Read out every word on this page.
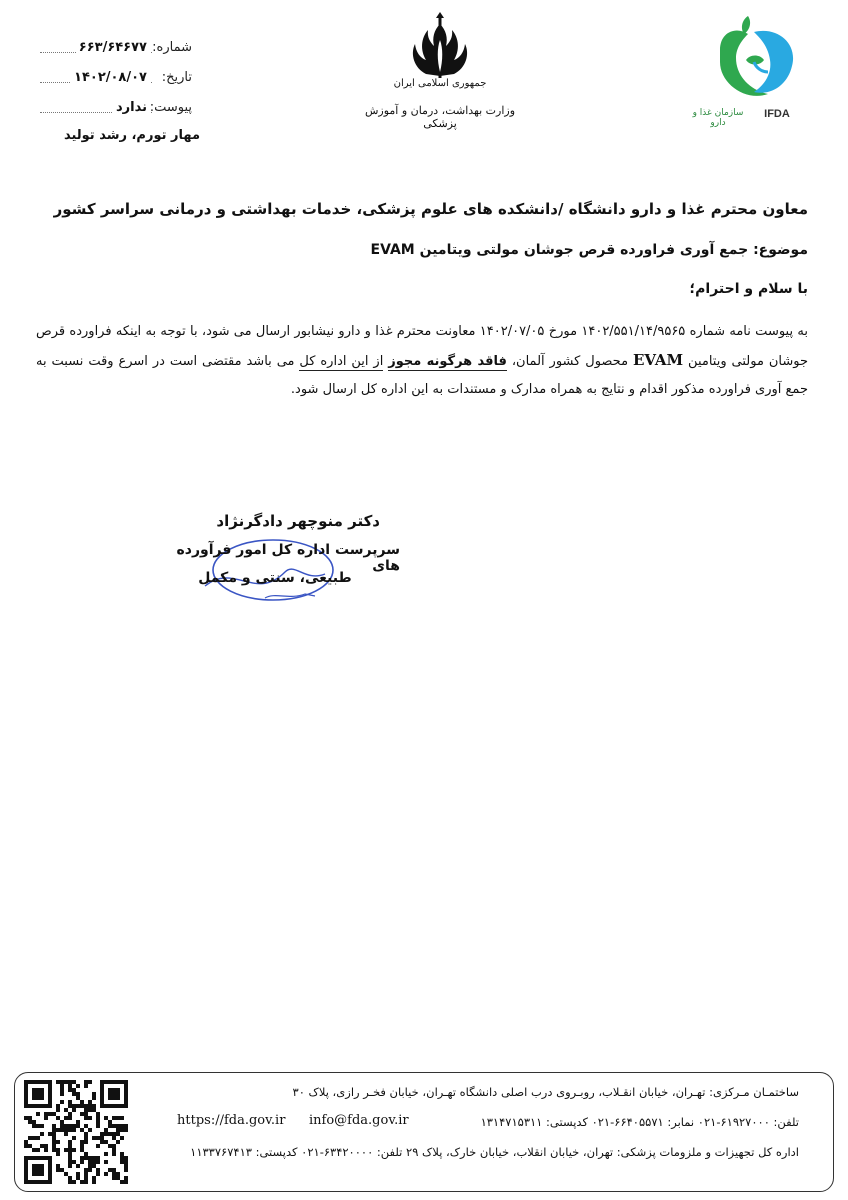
شماره:
۶۶۳/۶۴۶۷۷
تاریخ:
۱۴۰۲/۰۸/۰۷
پیوست:
ندارد
مهار تورم، رشد تولید
جمهوری اسلامی ایران
وزارت بهداشت، درمان و آموزش پزشکی
سازمان غذا و دارو
IFDA
معاون محترم غذا و دارو دانشگاه /دانشکده های علوم پزشکی، خدمات بهداشتی و درمانی سراسر کشور
موضوع: جمع آوری فراورده قرص جوشان مولتی ویتامین EVAM
با سلام و احترام؛
به پیوست نامه شماره ۱۴۰۲/۵۵۱/۱۴/۹۵۶۵ مورخ ۱۴۰۲/۰۷/۰۵ معاونت محترم غذا و دارو نیشابور ارسال می شود، با توجه به اینکه فراورده قرص جوشان مولتی ویتامین EVAM محصول کشور آلمان، فاقد هرگونه مجوز از این اداره کل می باشد مقتضی است در اسرع وقت نسبت به جمع آوری فراورده مذکور اقدام و نتایج به همراه مدارک و مستندات به این اداره کل ارسال شود.
دکتر منوچهر دادگرنژاد
سرپرست اداره کل امور فرآورده های
طبیعی، سنتی و مکمل
ساختمـان مـرکزی: تهـران، خیابان انقـلاب، روبـروی درب اصلی دانشگاه تهـران، خیابان فخـر رازی، پلاک ۳۰
تلفن: ۶۱۹۲۷۰۰۰-۰۲۱ نمابر: ۶۶۴۰۵۵۷۱-۰۲۱ کدپستی: ۱۳۱۴۷۱۵۳۱۱
info@fda.gov.ir
https://fda.gov.ir
اداره کل تجهیزات و ملزومات پزشکی: تهران، خیابان انقلاب، خیابان خارک، پلاک ۲۹ تلفن: ۶۳۴۲۰۰۰۰-۰۲۱ کدپستی: ۱۱۳۳۷۶۷۴۱۳
